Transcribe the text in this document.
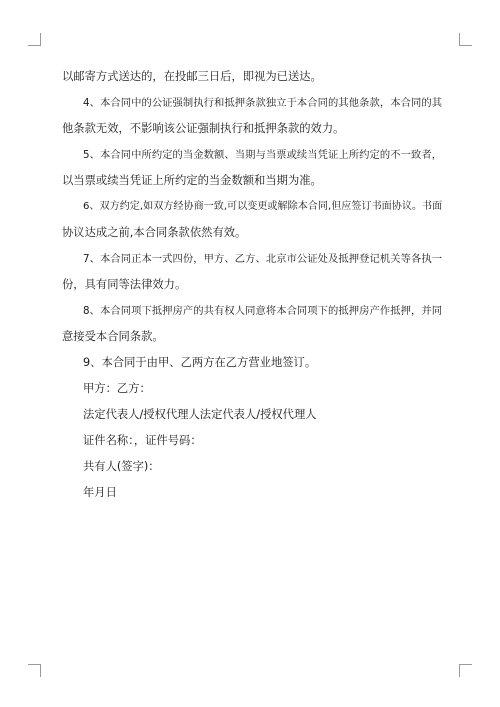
以邮寄方式送达的，在投邮三日后，即视为已送达。
4、本合同中的公证强制执行和抵押条款独立于本合同的其他条款，本合同的其
他条款无效，不影响该公证强制执行和抵押条款的效力。
5、本合同中所约定的当金数额、当期与当票或续当凭证上所约定的不一致者，
以当票或续当凭证上所约定的当金数额和当期为准。
6、双方约定,如双方经协商一致,可以变更或解除本合同,但应签订书面协议。书面
协议达成之前,本合同条款依然有效。
7、本合同正本一式四份，甲方、乙方、北京市公证处及抵押登记机关等各执一
份，具有同等法律效力。
8、本合同项下抵押房产的共有权人同意将本合同项下的抵押房产作抵押，并同
意接受本合同条款。
9、本合同于由甲、乙两方在乙方营业地签订。
甲方：乙方：
法定代表人/授权代理人法定代表人/授权代理人
证件名称：，证件号码：
共有人(签字)：
年月日
